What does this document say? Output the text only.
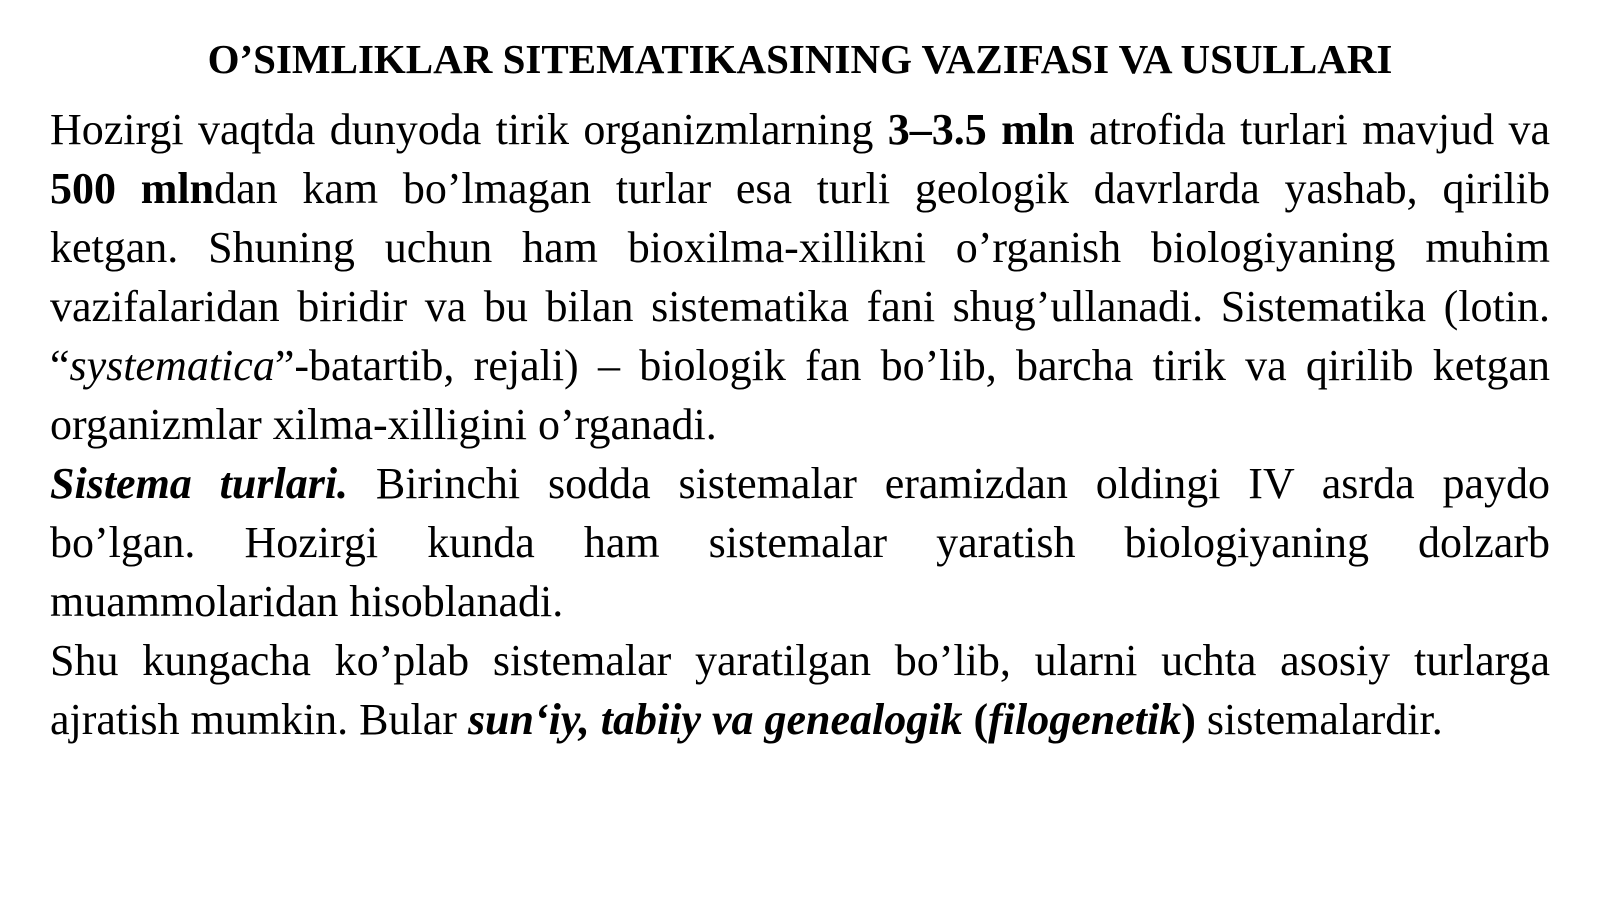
O’SIMLIKLAR SITEMATIKASINING VAZIFASI VA USULLARI

Hozirgi vaqtda dunyoda tirik organizmlarning 3–3.5 mln atrofida turlari mavjud va 500 mlndan kam bo’lmagan turlar esa turli geologik davrlarda yashab, qirilib ketgan. Shuning uchun ham bioxilma-xillikni o’rganish biologiyaning muhim vazifalaridan biridir va bu bilan sistematika fani shug’ullanadi. Sistematika (lotin. “systematica”-batartib, rejali) – biologik fan bo’lib, barcha tirik va qirilib ketgan organizmlar xilma-xilligini o’rganadi.

Sistema turlari. Birinchi sodda sistemalar eramizdan oldingi IV asrda paydo bo’lgan. Hozirgi kunda ham sistemalar yaratish biologiyaning dolzarb muammolaridan hisoblanadi.

Shu kungacha ko’plab sistemalar yaratilgan bo’lib, ularni uchta asosiy turlarga ajratish mumkin. Bular sun‘iy, tabiiy va genealogik (filogenetik) sistemalardir.
